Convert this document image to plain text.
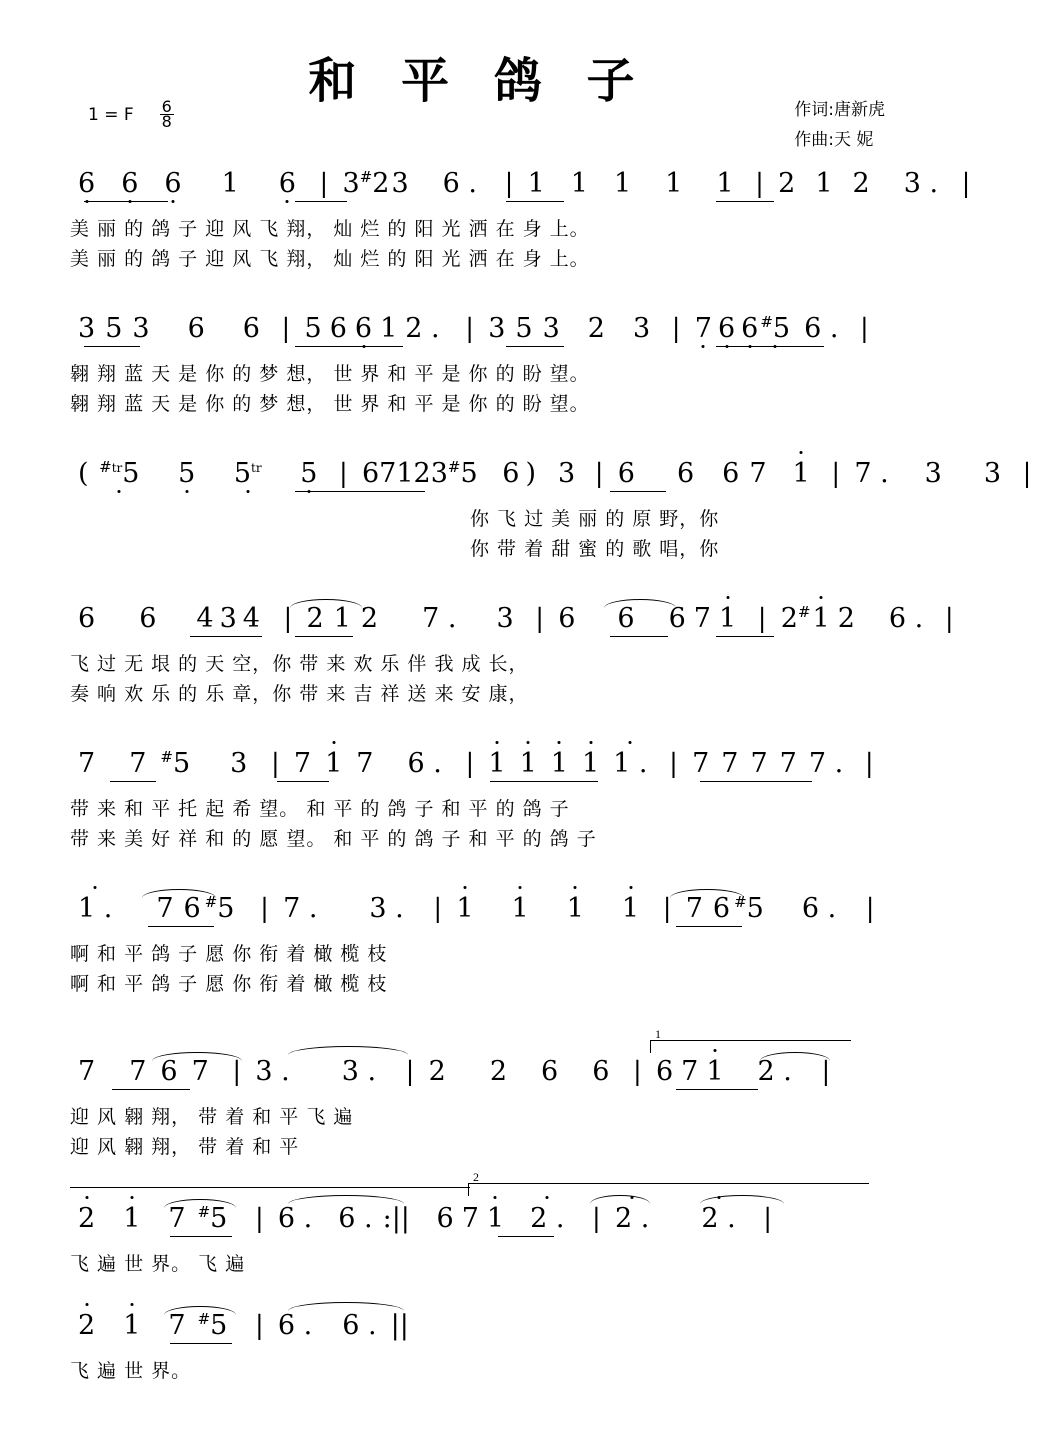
和 平 鸽 子
1 = F $\frac{6}{8}$	作词:唐新虎
作曲:天 妮
6 6 6 1 6 | 3#23 6 . | 1 1 1 1 1 | 2 1 2 3 . |
美 丽 的 鸽 子 迎 风 飞 翔， 灿 烂 的 阳 光 洒 在 身 上。
美 丽 的 鸽 子 迎 风 飞 翔， 灿 烂 的 阳 光 洒 在 身 上。
3 5 3 6 6 | 5 6 6 1 2 . | 3 5 3 2 3 | 7 6 6 #5 6 . |
翱 翔 蓝 天 是 你 的 梦 想， 世 界 和 平 是 你 的 盼 望。
翱 翔 蓝 天 是 你 的 梦 想， 世 界 和 平 是 你 的 盼 望。
( $^{\#tr}$5 5 $5^{tr}$ 5 | 67123#5 6 ) 3 | 6 6 6 7 1 | 7 . 3 3 |
你 飞 过 美 丽 的 原 野，你
你 带 着 甜 蜜 的 歌 唱，你
6 6 4 3 4 | 2 1 2 7 . 3 | 6 6 6 7 1 | 2#1 2 6 . |
飞 过 无 垠 的 天 空，你 带 来 欢 乐 伴 我 成 长，
奏 响 欢 乐 的 乐 章，你 带 来 吉 祥 送 来 安 康，
7 7 #5 3 | 7 1 7 6 . | 1 1 1 1 1 . | 7 7 7 7 7 . |
带 来 和 平 托 起 希 望。 和 平 的 鸽 子 和 平 的 鸽 子
带 来 美 好 祥 和 的 愿 望。 和 平 的 鸽 子 和 平 的 鸽 子
1 . 7 6 #5 | 7 . 3 . | 1 1 1 1 | 7 6 #5 6 . |
啊 和 平 鸽 子 愿 你 衔 着 橄 榄 枝
啊 和 平 鸽 子 愿 你 衔 着 橄 榄 枝
1
7 7 6 7 | 3 . 3 . | 2 2 6 6 | 6 7 1 2 . |
迎 风 翱 翔， 带 着 和 平 飞 遍
迎 风 翱 翔， 带 着 和 平
2
2 1 7 #5 | 6 . 6 . :|| 6 7 1 2 . | 2 . 2 . |
飞 遍 世 界。 飞 遍
2 1 7 #5 | 6 . 6 . ||
飞 遍 世 界。
